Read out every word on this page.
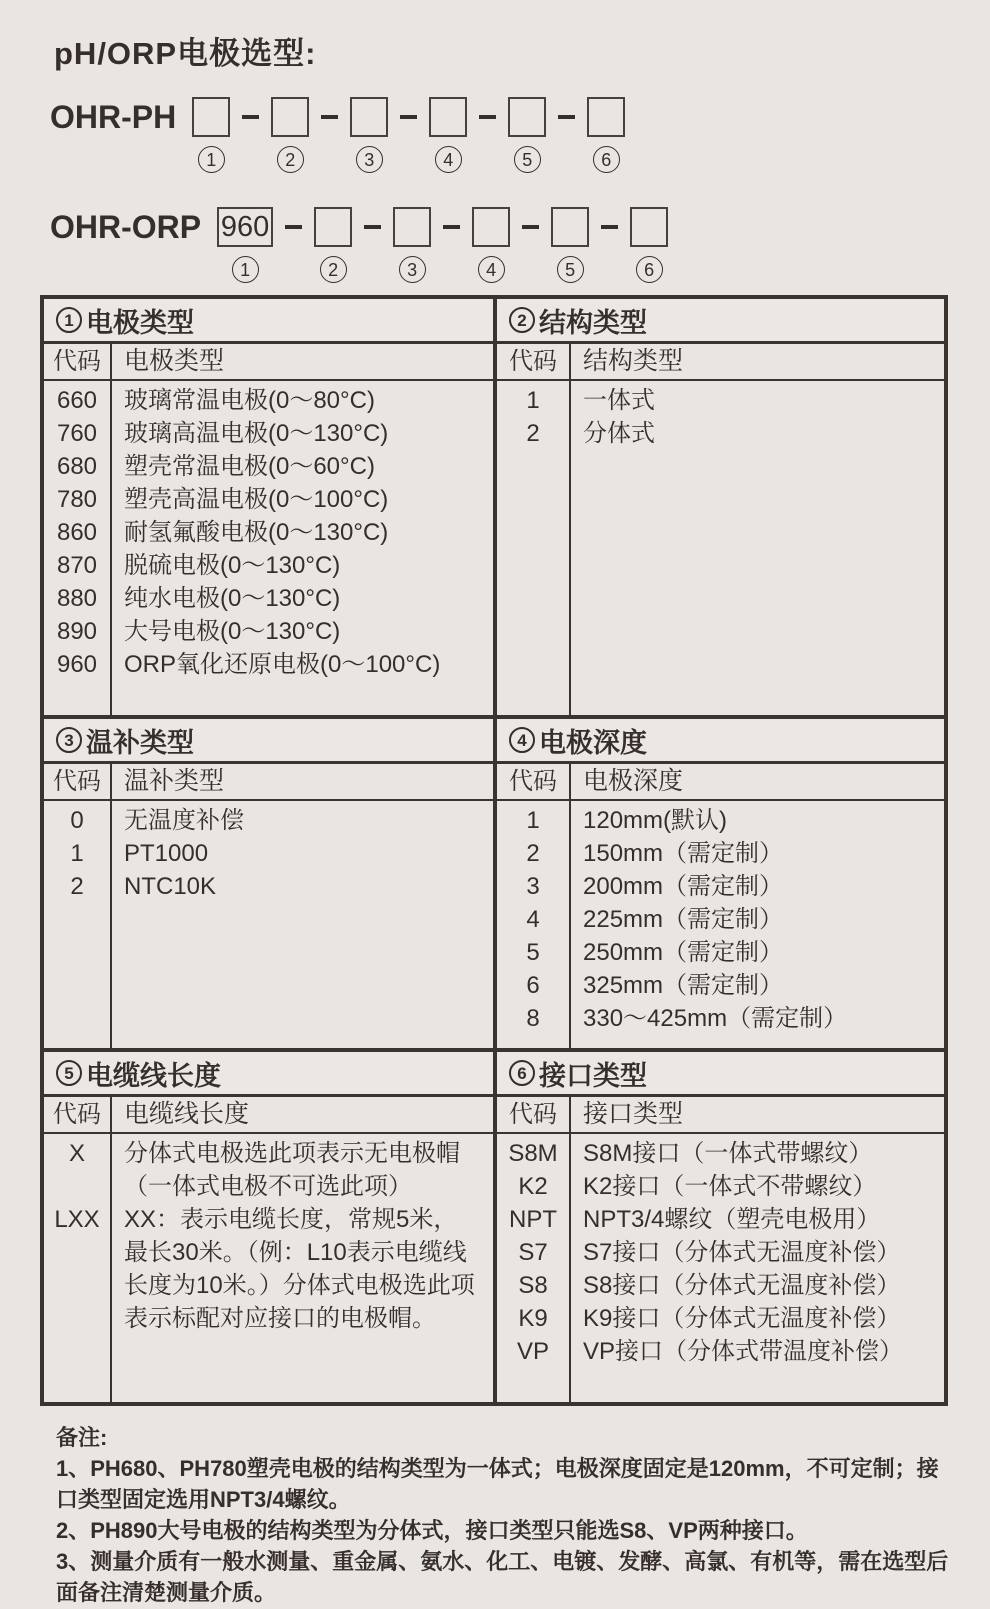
pH/ORP电极选型:
OHR-PH
1	2	3	4	5	6
OHR-ORP 960
1	2	3	4	5	6
1 电极类型
代码 电极类型
660	玻璃常温电极(0～80°C)
760	玻璃高温电极(0～130°C)
680	塑壳常温电极(0～60°C)
780	塑壳高温电极(0～100°C)
860	耐氢氟酸电极(0～130°C)
870	脱硫电极(0～130°C)
880	纯水电极(0～130°C)
890	大号电极(0～130°C)
960	ORP氧化还原电极(0～100°C)
2 结构类型
代码	结构类型
1	一体式
2	分体式
3 温补类型
代码 温补类型
0	无温度补偿
1	PT1000
2	NTC10K
4 电极深度
代码	电极深度
1	120mm(默认)
2	150mm（需定制）
3	200mm（需定制）
4	225mm（需定制）
5	250mm（需定制）
6	325mm（需定制）
8	330～425mm（需定制）
5 电缆线长度
代码 电缆线长度
X	分体式电极选此项表示无电极帽（一体式电极不可选此项）
LXX	XX：表示电缆长度，常规5米，最长30米。（例：L10表示电缆线长度为10米。）分体式电极选此项表示标配对应接口的电极帽。
6 接口类型
代码	接口类型
S8M	S8M接口（一体式带螺纹）
K2	K2接口（一体式不带螺纹）
NPT	NPT3/4螺纹（塑壳电极用）
S7	S7接口（分体式无温度补偿）
S8	S8接口（分体式无温度补偿）
K9	K9接口（分体式无温度补偿）
VP	VP接口（分体式带温度补偿）
备注:
1、PH680、PH780塑壳电极的结构类型为一体式；电极深度固定是120mm，不可定制；接口类型固定选用NPT3/4螺纹。
2、PH890大号电极的结构类型为分体式，接口类型只能选S8、VP两种接口。
3、测量介质有一般水测量、重金属、氨水、化工、电镀、发酵、高氯、有机等，需在选型后面备注清楚测量介质。
